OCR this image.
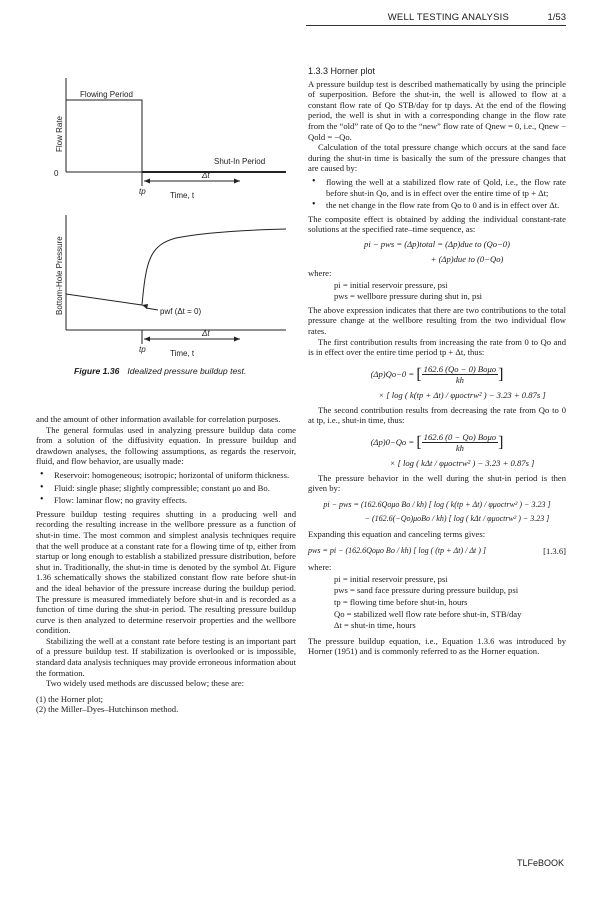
WELL TESTING ANALYSIS	1/53
Flow Rate
Flowing Period
Shut-In Period
0	Δt
tp	Time, t
Bottom-Hole Pressure	pwf (Δt = 0)
Δt
tp	Time, t
Figure 1.36 Idealized pressure buildup test.

and the amount of other information available for correlation purposes.

The general formulas used in analyzing pressure buildup data come from a solution of the diffusivity equation. In pressure buildup and drawdown analyses, the following assumptions, as regards the reservoir, fluid, and flow behavior, are usually made:

• Reservoir: homogeneous; isotropic; horizontal of uniform thickness.
• Fluid: single phase; slightly compressible; constant μo and Bo.
• Flow: laminar flow; no gravity effects.

Pressure buildup testing requires shutting in a producing well and recording the resulting increase in the wellbore pressure as a function of shut-in time. The most common and simplest analysis techniques require that the well produce at a constant rate for a flowing time of tp, either from startup or long enough to establish a stabilized pressure distribution, before shut in. Traditionally, the shut-in time is denoted by the symbol Δt. Figure 1.36 schematically shows the stabilized constant flow rate before shut-in and the ideal behavior of the pressure increase during the buildup period. The pressure is measured immediately before shut-in and is recorded as a function of time during the shut-in period. The resulting pressure buildup curve is then analyzed to determine reservoir properties and the wellbore condition.

Stabilizing the well at a constant rate before testing is an important part of a pressure buildup test. If stabilization is overlooked or is impossible, standard data analysis techniques may provide erroneous information about the formation.

Two widely used methods are discussed below; these are:

(1) the Horner plot;

(2) the Miller–Dyes–Hutchinson method.

1.3.3 Horner plot

A pressure buildup test is described mathematically by using the principle of superposition. Before the shut-in, the well is allowed to flow at a constant flow rate of Qo STB/day for tp days. At the end of the flowing period, the well is shut in with a corresponding change in the flow rate from the “old” rate of Qo to the “new” flow rate of Qnew = 0, i.e., Qnew − Qold = −Qo.

Calculation of the total pressure change which occurs at the sand face during the shut-in time is basically the sum of the pressure changes that are caused by:

• flowing the well at a stabilized flow rate of Qold, i.e., the flow rate before shut-in Qo, and is in effect over the entire time of tp + Δt;
• the net change in the flow rate from Qo to 0 and is in effect over Δt.

The composite effect is obtained by adding the individual constant-rate solutions at the specified rate–time sequence, as:

pi − pws = (Δp)total = (Δp)due to (Qo−0)

+ (Δp)due to (0−Qo)

where:

pi = initial reservoir pressure, psi

pws = wellbore pressure during shut in, psi

The above expression indicates that there are two contributions to the total pressure change at the wellbore resulting from the two individual flow rates.

The first contribution results from increasing the rate from 0 to Qo and is in effect over the entire time period tp + Δt, thus:

(Δp)Qo−0 = [ $\frac{\text{162.6 (Qo − 0) Boμo}}{kh}$ ]

× [ log ( k(tp + Δt) / φμoctrw² ) − 3.23 + 0.87s ]

The second contribution results from decreasing the rate from Qo to 0 at tp, i.e., shut-in time, thus:

(Δp)0−Qo = [ $\frac{\text{162.6 (0 − Qo) Boμo}}{kh}$ ]

× [ log ( kΔt / φμoctrw² ) − 3.23 + 0.87s ]

The pressure behavior in the well during the shut-in period is then given by:

pi − pws = (162.6Qoμo Bo / kh) [ log ( k(tp + Δt) / φμoctrw² ) − 3.23 ]

− (162.6(−Qo)μoBo / kh) [ log ( kΔt / φμoctrw² ) − 3.23 ]

Expanding this equation and canceling terms gives:

pws = pi − (162.6Qoμo Bo / kh) [ log ( (tp + Δt) / Δt ) ]	[1.3.6]

where:

pi = initial reservoir pressure, psi

pws = sand face pressure during pressure buildup, psi

tp = flowing time before shut-in, hours

Qo = stabilized well flow rate before shut-in, STB/day

Δt = shut-in time, hours

The pressure buildup equation, i.e., Equation 1.3.6 was introduced by Horner (1951) and is commonly referred to as the Horner equation.

TLFeBOOK
